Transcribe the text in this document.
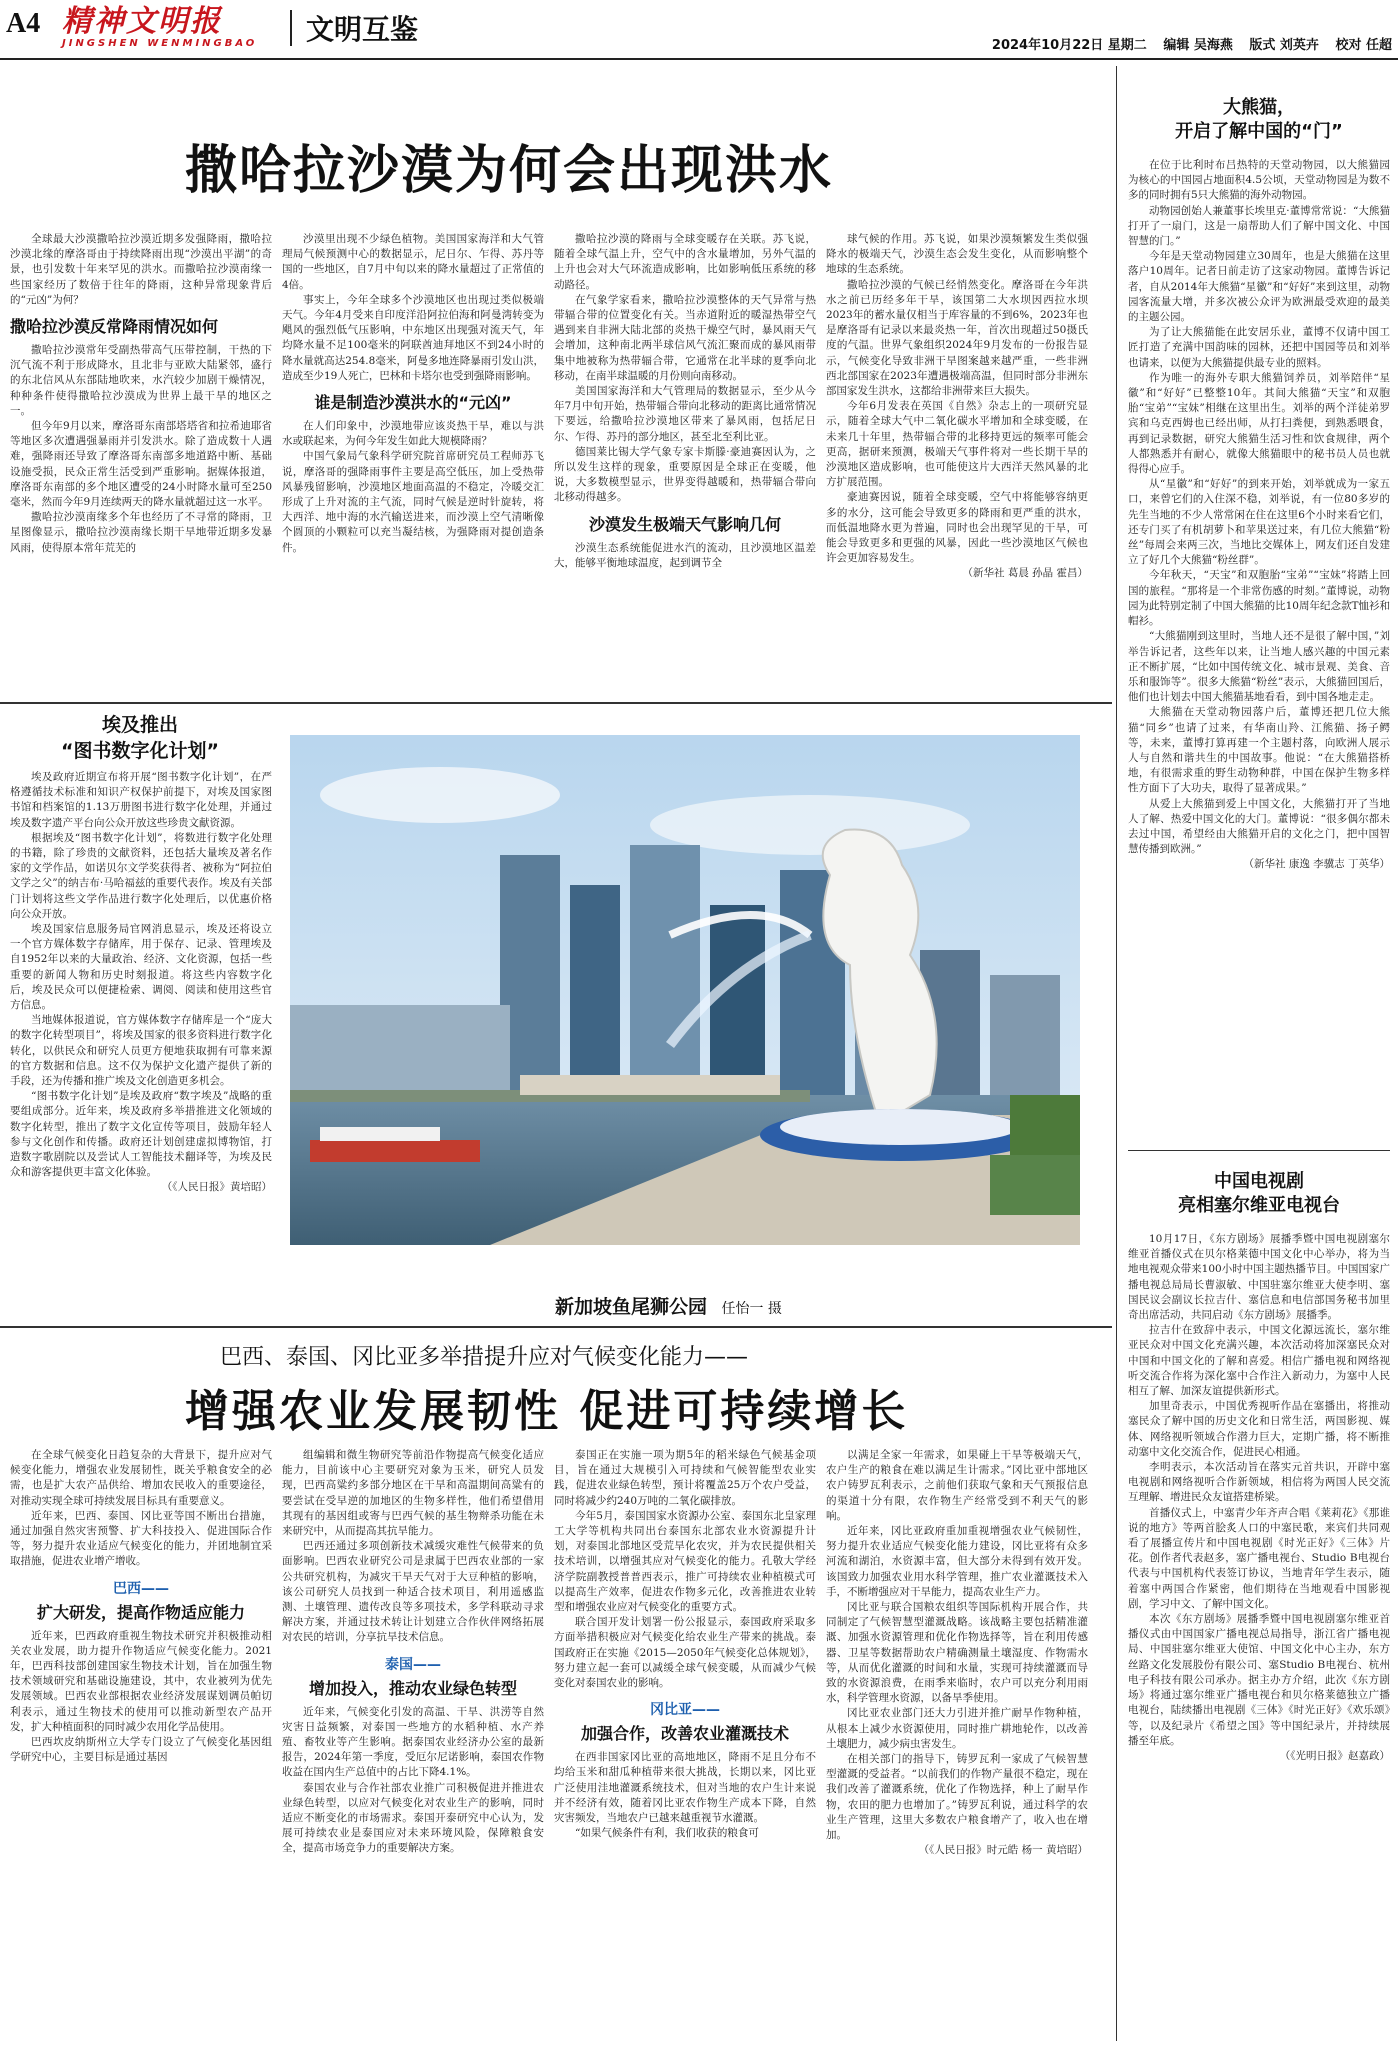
A4 精神文明报
JINGSHEN WENMINGBAO	文明互鉴	2024年10月22日 星期二 编辑 吴海燕 版式 刘英卉 校对 任超
撒哈拉沙漠为何会出现洪水

全球最大沙漠撒哈拉沙漠近期多发强降雨，撒哈拉沙漠北缘的摩洛哥由于持续降雨出现“沙漠出平湖”的奇景，也引发数十年来罕见的洪水。而撒哈拉沙漠南缘一些国家经历了数倍于往年的降雨，这种异常现象背后的“元凶”为何？

撒哈拉沙漠反常降雨情况如何

撒哈拉沙漠常年受副热带高气压带控制，干热的下沉气流不利于形成降水，且北非与亚欧大陆紧邻，盛行的东北信风从东部陆地吹来，水汽较少加剧干燥情况，种种条件使得撒哈拉沙漠成为世界上最干旱的地区之一。

但今年9月以来，摩洛哥东南部塔塔省和拉希迪耶省等地区多次遭遇强暴雨并引发洪水。除了造成数十人遇难，强降雨还导致了摩洛哥东南部多地道路中断、基础设施受损，民众正常生活受到严重影响。据媒体报道，摩洛哥东南部的多个地区遭受的24小时降水量可至250毫米，然而今年9月连续两天的降水量就超过这一水平。

撒哈拉沙漠南缘多个年也经历了不寻常的降雨，卫星图像显示，撒哈拉沙漠南缘长期干旱地带近期多发暴风雨，使得原本常年荒芜的

沙漠里出现不少绿色植物。美国国家海洋和大气管理局气候预测中心的数据显示，尼日尔、乍得、苏丹等国的一些地区，自7月中旬以来的降水量超过了正常值的4倍。

事实上，今年全球多个沙漠地区也出现过类似极端天气。今年4月受来自印度洋沿阿拉伯海和阿曼湾转变为飓风的强烈低气压影响，中东地区出现强对流天气，年均降水量不足100毫米的阿联酋迪拜地区不到24小时的降水量就高达254.8毫米，阿曼多地连降暴雨引发山洪，造成至少19人死亡，巴林和卡塔尔也受到强降雨影响。

谁是制造沙漠洪水的“元凶”

在人们印象中，沙漠地带应该炎热干旱，难以与洪水或联起来，为何今年发生如此大规模降雨？

中国气象局气象科学研究院首席研究员工程师苏飞说，摩洛哥的强降雨事件主要是高空低压，加上受热带风暴残留影响，沙漠地区地面高温的不稳定，冷暖交汇形成了上升对流的主气流，同时气候是逆时针旋转，将大西洋、地中海的水汽输送进来，而沙漠上空气清晰像个圆顶的小颗粒可以充当凝结核，为强降雨对提创造条件。

撒哈拉沙漠的降雨与全球变暖存在关联。苏飞说，随着全球气温上升，空气中的含水量增加，另外气温的上升也会对大气环流造成影响，比如影响低压系统的移动路径。

在气象学家看来，撒哈拉沙漠整体的天气异常与热带辐合带的位置变化有关。当赤道附近的暖湿热带空气遇到来自非洲大陆北部的炎热干燥空气时，暴风雨天气会增加，这种南北两半球信风气流汇聚而成的暴风雨带集中地被称为热带辐合带，它通常在北半球的夏季向北移动，在南半球温暖的月份则向南移动。

美国国家海洋和大气管理局的数据显示，至少从今年7月中旬开始，热带辐合带向北移动的距离比通常情况下要远，给撒哈拉沙漠地区带来了暴风雨，包括尼日尔、乍得、苏丹的部分地区，甚至北至利比亚。

德国莱比锡大学气象专家卡斯滕·豪迪赛因认为，之所以发生这样的现象，重要原因是全球正在变暖，他说，大多数模型显示，世界变得越暖和，热带辐合带向北移动得越多。

沙漠发生极端天气影响几何

沙漠生态系统能促进水汽的流动，且沙漠地区温差大，能够平衡地球温度，起到调节全

球气候的作用。苏飞说，如果沙漠频繁发生类似强降水的极端天气，沙漠生态会发生变化，从而影响整个地球的生态系统。

撒哈拉沙漠的气候已经悄然变化。摩洛哥在今年洪水之前已历经多年干旱，该国第二大水坝因西拉水坝2023年的蓄水量仅相当于库容量的不到6%，2023年也是摩洛哥有记录以来最炎热一年，首次出现超过50摄氏度的气温。世界气象组织2024年9月发布的一份报告显示，气候变化导致非洲干旱图案越来越严重，一些非洲西北部国家在2023年遭遇极端高温，但同时部分非洲东部国家发生洪水，这都给非洲带来巨大损失。

今年6月发表在英国《自然》杂志上的一项研究显示，随着全球大气中二氧化碳水平增加和全球变暖，在未来几十年里，热带辐合带的北移持更远的频率可能会更高，据研来预测，极端天气事件将对一些长期干旱的沙漠地区造成影响，也可能使这片大西洋天然风暴的北方扩展范围。

豪迪赛因说，随着全球变暖，空气中将能够容纳更多的水分，这可能会导致更多的降雨和更严重的洪水，而低温地降水更为普遍，同时也会出现罕见的干旱，可能会导致更多和更强的风暴，因此一些沙漠地区气候也许会更加容易发生。

（新华社 葛晨 孙晶 霍昌）
埃及推出
“图书数字化计划”

埃及政府近期宣布将开展“图书数字化计划”，在严格遵循技术标准和知识产权保护前提下，对埃及国家图书馆和档案馆的1.13万册图书进行数字化处理，并通过埃及数字遗产平台向公众开放这些珍贵文献资源。

根据埃及“图书数字化计划”，将数进行数字化处理的书籍，除了珍贵的文献资料，还包括大量埃及著名作家的文学作品，如诺贝尔文学奖获得者、被称为“阿拉伯文学之父”的纳吉布·马哈福兹的重要代表作。埃及有关部门计划将这些文学作品进行数字化处理后，以优惠价格向公众开放。

埃及国家信息服务局官网消息显示，埃及还将设立一个官方媒体数字存储库，用于保存、记录、管理埃及自1952年以来的大量政治、经济、文化资源，包括一些重要的新闻人物和历史时刻报道。将这些内容数字化后，埃及民众可以便捷检索、调阅、阅读和使用这些官方信息。

当地媒体报道说，官方媒体数字存储库是一个“庞大的数字化转型项目”，将埃及国家的很多资料进行数字化转化，以供民众和研究人员更方便地获取拥有可靠来源的官方数据和信息。这不仅为保护文化遗产提供了新的手段，还为传播和推广埃及文化创造更多机会。

“图书数字化计划”是埃及政府“数字埃及”战略的重要组成部分。近年来，埃及政府多举措推进文化领域的数字化转型，推出了数字文化宣传等项目，鼓励年轻人参与文化创作和传播。政府还计划创建虚拟博物馆，打造数字歌剧院以及尝试人工智能技术翻译等，为埃及民众和游客提供更丰富文化体验。

（《人民日报》黄培昭）
新加坡鱼尾狮公园 任怡一 摄
大熊猫，
开启了解中国的“门”

在位于比利时布吕热特的天堂动物园，以大熊猫园为核心的中国园占地面积4.5公顷，天堂动物园是为数不多的同时拥有5只大熊猫的海外动物园。

动物园创始人兼董事长埃里克·董博常常说：“大熊猫打开了一扇门，这是一扇帮助人们了解中国文化、中国智慧的门。”

今年是天堂动物园建立30周年，也是大熊猫在这里落户10周年。记者日前走访了这家动物园。董博告诉记者，自从2014年大熊猫“星徽”和“好好”来到这里，动物园客流量大增，并多次被公众评为欧洲最受欢迎的最美的主题公园。

为了让大熊猫能在此安居乐业，董博不仅请中国工匠打造了充满中国韵味的园林，还把中国园等员和刘举也请来，以便为大熊猫提供最专业的照料。

作为唯一的海外专职大熊猫饲养员，刘举陪伴“星徽”和“好好”已整整10年。其间大熊猫“天宝”和双胞胎“宝弟”“宝妹”相继在这里出生。刘举的两个洋徒弟罗宾和乌克西姆也已经出师，从打扫粪便，到熟悉喂食，再到记录数据，研究大熊猫生活习性和饮食规律，两个人都熟悉并有耐心，就像大熊猫眼中的秘书员人员也就得得心应手。

从“星徽”和“好好”的到来开始，刘举就成为一家五口，来曾它们的入住深不稳，刘举说，有一位80多岁的先生当地的不少人常常闲在住在这里6个小时来看它们，还专门买了有机胡萝卜和苹果送过来，有几位大熊猫“粉丝”每周会来两三次，当地比交媒体上，网友们还自发建立了好几个大熊猫“粉丝群”。

今年秋天，“天宝”和双胞胎“宝弟”“宝妹”将踏上回国的旅程。“那将是一个非常伤感的时刻。”董博说，动物园为此特别定制了中国大熊猫的比10周年纪念款T恤衫和帽衫。

“大熊猫刚到这里时，当地人还不是很了解中国，”刘举告诉记者，这些年以来，让当地人感兴趣的中国元素正不断扩展，“比如中国传统文化、城市景观、美食、音乐和服饰等”。很多大熊猫“粉丝”表示，大熊猫回国后，他们也计划去中国大熊猫基地看看，到中国各地走走。

大熊猫在天堂动物园落户后，董博还把几位大熊猫“同乡”也请了过来，有华南山羚、江熊猫、扬子鳄等，未来，董博打算再建一个主题村落，向欧洲人展示人与自然和谐共生的中国故事。他说：“在大熊猫搭桥地，有很需求重的野生动物种群，中国在保护生物多样性方面下了大功夫，取得了显著成果。”

从爱上大熊猫到爱上中国文化，大熊猫打开了当地人了解、热爱中国文化的大门。董博说：“很多偶尔都未去过中国，希望经由大熊猫开启的文化之门，把中国智慧传播到欧洲。”

（新华社 康逸 李骥志 丁英华）
中国电视剧
亮相塞尔维亚电视台

10月17日，《东方剧场》展播季暨中国电视剧塞尔维亚首播仪式在贝尔格莱德中国文化中心举办，将为当地电视观众带来100小时中国主题热播节目。中国国家广播电视总局局长曹淑敏、中国驻塞尔维亚大使李明、塞国民议会副议长拉吉什、塞信息和电信部国务秘书加里奇出席活动，共同启动《东方剧场》展播季。

拉吉什在致辞中表示，中国文化源远流长，塞尔维亚民众对中国文化充满兴趣，本次活动将加深塞民众对中国和中国文化的了解和喜爱。相信广播电视和网络视听交流合作将为深化塞中合作注入新动力，为塞中人民相互了解、加深友谊提供新形式。

加里奇表示，中国优秀视听作品在塞播出，将推动塞民众了解中国的历史文化和日常生活，两国影视、媒体、网络视听领域合作潜力巨大，定期广播，将不断推动塞中文化交流合作，促进民心相通。

李明表示，本次活动旨在落实元首共识，开辟中塞电视剧和网络视听合作新领域，相信将为两国人民交流互理解、增进民众友谊搭建桥梁。

首播仪式上，中塞青少年齐声合唱《莱莉花》《那谁说的地方》等两首脍炙人口的中塞民歌，来宾们共同观看了展播宣传片和中国电视剧《时光正好》《三体》片花。创作者代表赵多，塞广播电视台、Studio B电视台代表与中国机构代表签订协议，当地青年学生表示，随着塞中两国合作紧密，他们期待在当地观看中国影视剧，学习中文、了解中国文化。

本次《东方剧场》展播季暨中国电视剧塞尔维亚首播仪式由中国国家广播电视总局指导，浙江省广播电视局、中国驻塞尔维亚大使馆、中国文化中心主办，东方丝路文化发展股份有限公司、塞Studio B电视台、杭州电子科技有限公司承办。据主办方介绍，此次《东方剧场》将通过塞尔维亚广播电视台和贝尔格莱德独立广播电视台，陆续播出电视剧《三体》《时光正好》《欢乐颂》等，以及纪录片《希望之国》等中国纪录片，并持续展播至年底。

（《光明日报》赵嘉政）
巴西、泰国、冈比亚多举措提升应对气候变化能力——
增强农业发展韧性 促进可持续增长

在全球气候变化日趋复杂的大背景下，提升应对气候变化能力，增强农业发展韧性，既关乎粮食安全的必需，也是扩大农产品供给、增加农民收入的重要途径，对推动实现全球可持续发展目标具有重要意义。

近年来，巴西、泰国、冈比亚等国不断出台措施，通过加强自然灾害预警、扩大科技投入、促进国际合作等，努力提升农业适应气候变化的能力，并团地制宜采取措施，促进农业增产增收。

巴西——
扩大研发，提高作物适应能力

近年来，巴西政府重视生物技术研究并积极推动相关农业发展，助力提升作物适应气候变化能力。2021年，巴西科技部创建国家生物技术计划，旨在加强生物技术领域研究和基础设施建设，其中，农业被列为优先发展领域。巴西农业部根据农业经济发展谋划调员帕切利表示，通过生物技术的使用可以推动新型农产品开发，扩大种植面积的同时减少农用化学品使用。

巴西坎皮纳斯州立大学专门设立了气候变化基因组学研究中心，主要目标是通过基因

组编辑和微生物研究等前沿作物提高气候变化适应能力，目前该中心主要研究对象为玉米，研究人员发现，巴西高粱约多部分地区在干旱和高温期间高粱有的要尝试在受早逆的加地区的生物多样性，他们希望借用其现有的基因组或寄与巴西气候的基生物辩杀功能在未来研究中，从而提高其抗旱能力。

巴西还通过多项创新技术减缓灾难性气候带来的负面影响。巴西农业研究公司是隶属于巴西农业部的一家公共研究机构，为减灾干旱天气对于大豆种植的影响，该公司研究人员找到一种适合技术项目，利用遥感监测、土壤管理、遗传改良等多项技术，多学科联动寻求解决方案，并通过技术转让计划建立合作伙伴网络拓展对农民的培训，分享抗旱技术信息。

泰国——
增加投入，推动农业绿色转型

近年来，气候变化引发的高温、干旱、洪涝等自然灾害日益频繁，对泰国一些地方的水稻种植、水产养殖、畜牧业等产生影响。据泰国农业经济办公室的最新报告，2024年第一季度，受厄尔尼诺影响，泰国农作物收益在国内生产总值中的占比下降4.1%。

泰国农业与合作社部农业推广司积极促进并推进农业绿色转型，以应对气候变化对农业生产的影响，同时适应不断变化的市场需求。泰国开泰研究中心认为，发展可持续农业是泰国应对未来环境风险，保障粮食安全，提高市场竞争力的重要解决方案。

泰国正在实施一项为期5年的稻米绿色气候基金项目，旨在通过大规模引入可持续和气候智能型农业实践，促进农业绿色转型，预计将覆盖25万个农户受益，同时将减少约240万吨的二氧化碳排放。

今年5月，泰国国家水资源办公室、泰国东北皇家理工大学等机构共同出台泰国东北部农业水资源提升计划，对泰国北部地区受荒旱化农灾，并为农民提供相关技术培训，以增强其应对气候变化的能力。孔敬大学经济学院副教授普普西表示，推广可持续农业种植模式可以提高生产效率，促进农作物多元化，改善推进农业转型和增强农业应对气候变化的重要方式。

联合国开发计划署一份公报显示，泰国政府采取多方面举措积极应对气候变化给农业生产带来的挑战。泰国政府正在实施《2015—2050年气候变化总体规划》，努力建立起一套可以减缓全球气候变暖，从而减少气候变化对泰国农业的影响。

冈比亚——
加强合作，改善农业灌溉技术

在西非国家冈比亚的高地地区，降雨不足且分布不均给玉米和甜瓜种植带来很大挑战，长期以来，冈比亚广泛使用洼地灌溉系统技术，但对当地的农户生计来说并不经济有效，随着冈比亚农作物生产成本下降，自然灾害频发，当地农户已越来越重视节水灌溉。

“如果气候条件有利，我们收获的粮食可

以满足全家一年需求，如果碰上干旱等极端天气，农户生产的粮食在难以满足生计需求。”冈比亚中部地区农户铸罗瓦利表示，之前他们获取气象和天气预报信息的渠道十分有限，农作物生产经常受到不利天气的影响。

近年来，冈比亚政府重加重视增强农业气候韧性，努力提升农业适应气候变化能力建设，冈比亚将有众多河流和湖泊，水资源丰富，但大部分未得到有效开发。该国致力加强农业用水科学管理，推广农业灌溉技术入手，不断增强应对干旱能力，提高农业生产力。

冈比亚与联合国粮农组织等国际机构开展合作，共同制定了气候智慧型灌溉战略。该战略主要包括精准灌溉、加强水资源管理和优化作物选择等，旨在利用传感器、卫星等数据帮助农户精确测量土壤湿度、作物需水等，从而优化灌溉的时间和水量，实现可持续灌溉而导致的水资源浪费，在雨季来临时，农户可以充分利用雨水，科学管理水资源，以备旱季使用。

冈比亚农业部门还大力引进并推广耐旱作物种植，从根本上减少水资源使用，同时推广耕地轮作，以改善土壤肥力，减少病虫害发生。

在相关部门的指导下，铸罗瓦利一家成了气候智慧型灌溉的受益者。“以前我们的作物产量很不稳定，现在我们改善了灌溉系统，优化了作物选择，种上了耐旱作物，农田的肥力也增加了。”铸罗瓦利说，通过科学的农业生产管理，这里大多数农户粮食增产了，收入也在增加。

（《人民日报》时元皓 杨一 黄培昭）
